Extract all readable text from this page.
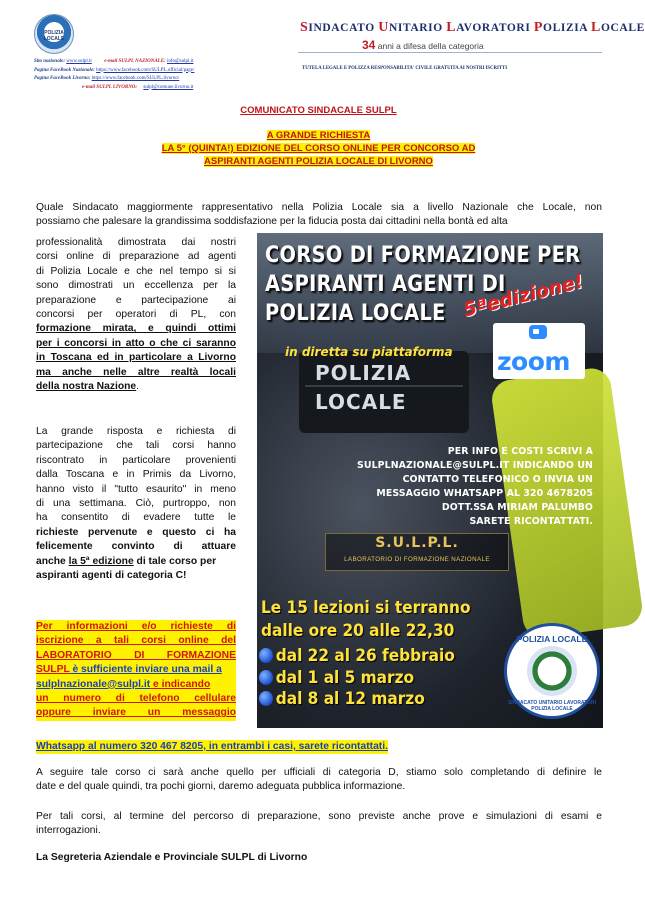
POLIZIA LOCALE
Sito nazionale: www.sulpl.it	e-mail SULPL NAZIONALE: info@sulpl.it
Pagina FaceBook Nazionale: https://www.facebook.com/SULPL.official/page/
Pagina FaceBook Livorno: https://www.facebook.com/SULPL.livorno/
e-mail SULPL LIVORNO: sulpl@comune.livorno.it
SINDACATO UNITARIO LAVORATORI POLIZIA LOCALE
34 anni a difesa della categoria
TUTELA LEGALE E POLIZZA RESPONSABILITA' CIVILE GRATUITA AI NOSTRI ISCRITTI
COMUNICATO SINDACALE SULPL
A GRANDE RICHIESTA
LA 5° (QUINTA!) EDIZIONE DEL CORSO ONLINE PER CONCORSO AD
ASPIRANTI AGENTI POLIZIA LOCALE DI LIVORNO
Quale Sindacato maggiormente rappresentativo nella Polizia Locale sia a livello Nazionale che Locale, non
possiamo che palesare la grandissima soddisfazione per la fiducia posta dai cittadini nella bontà ed alta
professionalità dimostrata dai nostri
corsi online di preparazione ad agenti
di Polizia Locale e che nel tempo si si
sono dimostrati un eccellenza per la
preparazione e partecipazione ai
concorsi per operatori di PL, con
formazione mirata, e quindi ottimi
per i concorsi in atto o che ci saranno
in Toscana ed in particolare a Livorno
ma anche nelle altre realtà locali
della nostra Nazione.
La grande risposta e richiesta di
partecipazione che tali corsi hanno
riscontrato in particolare provenienti
dalla Toscana e in Primis da Livorno,
hanno visto il "tutto esaurito" in meno
di una settimana. Ciò, purtroppo, non
ha consentito di evadere tutte le
richieste pervenute e questo ci ha
felicemente convinto di attuare
anche la 5ª edizione di tale corso per
aspiranti agenti di categoria C!
Per informazioni e/o richieste di
iscrizione a tali corsi online del
LABORATORIO DI FORMAZIONE
SULPL è sufficiente inviare una mail a
sulplnazionale@sulpl.it e indicando
un numero di telefono cellulare
oppure inviare un messaggio
Whatsapp al numero 320 467 8205, in entrambi i casi, sarete ricontattati.
POLIZIA
LOCALE
CORSO DI FORMAZIONE PER
ASPIRANTI AGENTI DI
POLIZIA LOCALE 5ªedizione!
in diretta su piattaforma zoom
PER INFO E COSTI SCRIVI A
SULPLNAZIONALE@SULPL.IT INDICANDO UN
CONTATTO TELEFONICO O INVIA UN
MESSAGGIO WHATSAPP AL 320 4678205
DOTT.SSA MIRIAM PALUMBO
SARETE RICONTATTATI.
S.U.L.P.L.
LABORATORIO DI FORMAZIONE NAZIONALE
Le 15 lezioni si terranno
dalle ore 20 alle 22,30
dal 22 al 26 febbraio
dal 1 al 5 marzo
dal 8 al 12 marzo
POLIZIA LOCALE
SINDACATO UNITARIO LAVORATORI POLIZIA LOCALE
A seguire tale corso ci sarà anche quello per ufficiali di categoria D, stiamo solo completando di definire le
date e del quale quindi, tra pochi giorni, daremo adeguata pubblica informazione.
Per tali corsi, al termine del percorso di preparazione, sono previste anche prove e simulazioni di esami e
interrogazioni.
La Segreteria Aziendale e Provinciale SULPL di Livorno
